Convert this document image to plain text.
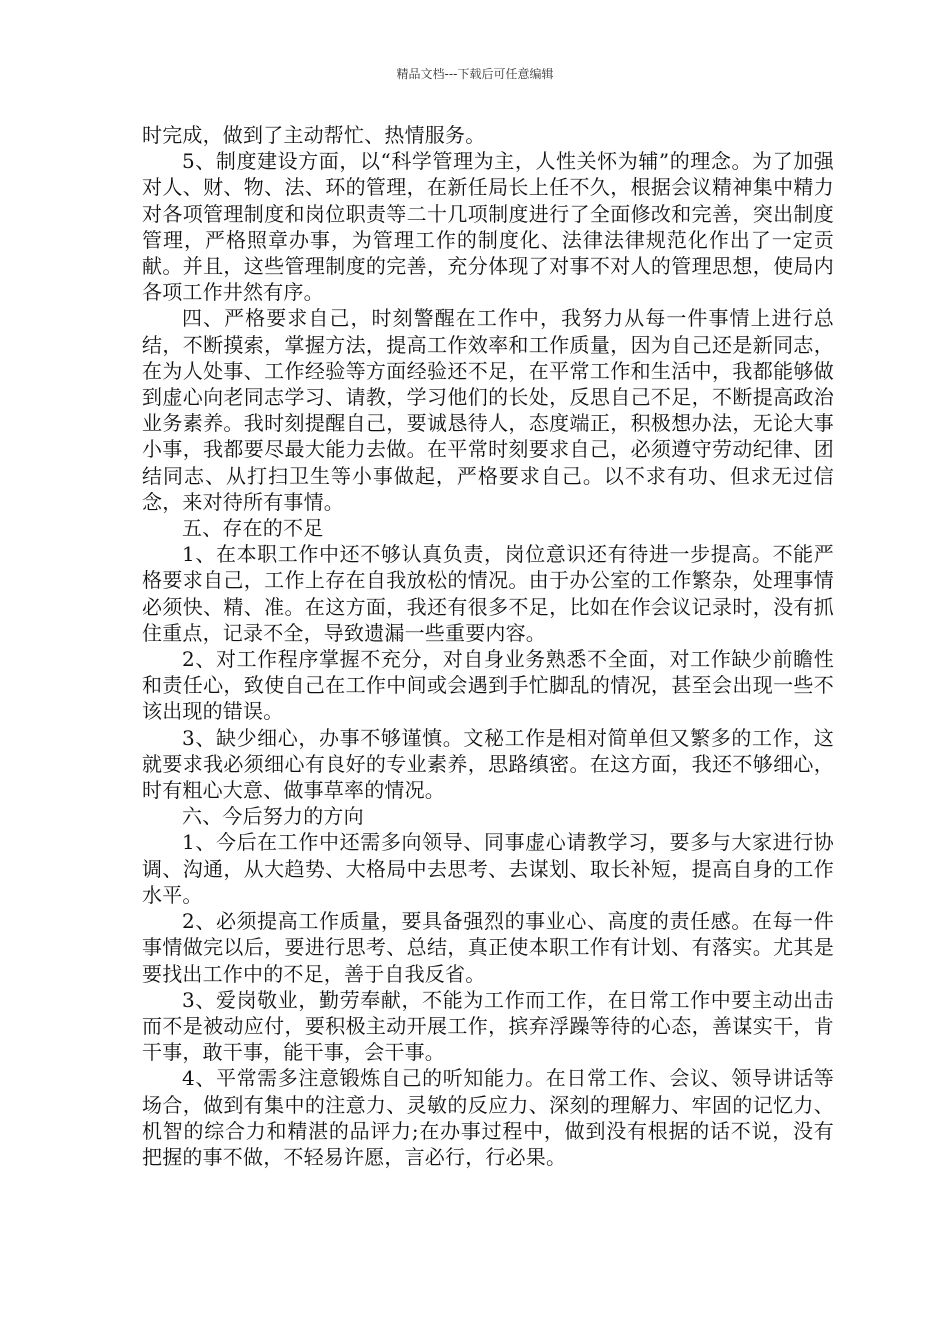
精品文档---下载后可任意编辑

时完成，做到了主动帮忙、热情服务。

5、制度建设方面，以“科学管理为主，人性关怀为辅”的理念。为了加强对人、财、物、法、环的管理，在新任局长上任不久，根据会议精神集中精力对各项管理制度和岗位职责等二十几项制度进行了全面修改和完善，突出制度管理，严格照章办事，为管理工作的制度化、法律法律规范化作出了一定贡献。并且，这些管理制度的完善，充分体现了对事不对人的管理思想，使局内各项工作井然有序。

四、严格要求自己，时刻警醒在工作中，我努力从每一件事情上进行总结，不断摸索，掌握方法，提高工作效率和工作质量，因为自己还是新同志，在为人处事、工作经验等方面经验还不足，在平常工作和生活中，我都能够做到虚心向老同志学习、请教，学习他们的长处，反思自己不足，不断提高政治业务素养。我时刻提醒自己，要诚恳待人，态度端正，积极想办法，无论大事小事，我都要尽最大能力去做。在平常时刻要求自己，必须遵守劳动纪律、团结同志、从打扫卫生等小事做起，严格要求自己。以不求有功、但求无过信念，来对待所有事情。

五、存在的不足

1、在本职工作中还不够认真负责，岗位意识还有待进一步提高。不能严格要求自己，工作上存在自我放松的情况。由于办公室的工作繁杂，处理事情必须快、精、准。在这方面，我还有很多不足，比如在作会议记录时，没有抓住重点，记录不全，导致遗漏一些重要内容。

2、对工作程序掌握不充分，对自身业务熟悉不全面，对工作缺少前瞻性和责任心，致使自己在工作中间或会遇到手忙脚乱的情况，甚至会出现一些不该出现的错误。

3、缺少细心，办事不够谨慎。文秘工作是相对简单但又繁多的工作，这就要求我必须细心有良好的专业素养，思路缜密。在这方面，我还不够细心，时有粗心大意、做事草率的情况。

六、今后努力的方向

1、今后在工作中还需多向领导、同事虚心请教学习，要多与大家进行协调、沟通，从大趋势、大格局中去思考、去谋划、取长补短，提高自身的工作水平。

2、必须提高工作质量，要具备强烈的事业心、高度的责任感。在每一件事情做完以后，要进行思考、总结，真正使本职工作有计划、有落实。尤其是要找出工作中的不足，善于自我反省。

3、爱岗敬业，勤劳奉献，不能为工作而工作，在日常工作中要主动出击而不是被动应付，要积极主动开展工作，摈弃浮躁等待的心态，善谋实干，肯干事，敢干事，能干事，会干事。

4、平常需多注意锻炼自己的听知能力。在日常工作、会议、领导讲话等场合，做到有集中的注意力、灵敏的反应力、深刻的理解力、牢固的记忆力、机智的综合力和精湛的品评力;在办事过程中，做到没有根据的话不说，没有把握的事不做，不轻易许愿，言必行，行必果。
